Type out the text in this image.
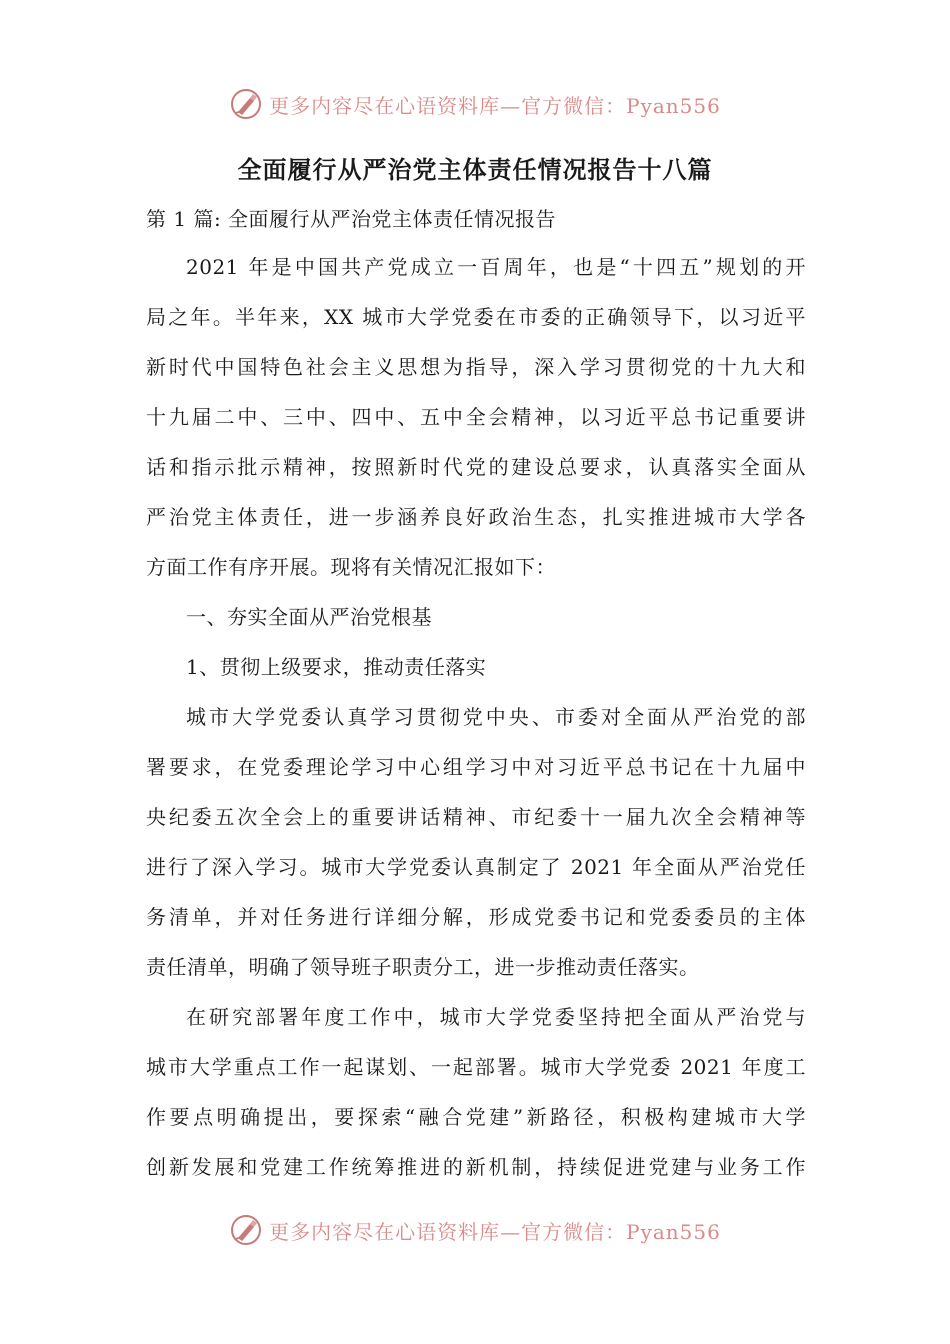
更多内容尽在心语资料库—官方微信：Pyan556
全面履行从严治党主体责任情况报告十八篇

第 1 篇: 全面履行从严治党主体责任情况报告

2021 年是中国共产党成立一百周年，也是“十四五”规划的开

局之年。半年来，XX 城市大学党委在市委的正确领导下，以习近平

新时代中国特色社会主义思想为指导，深入学习贯彻党的十九大和

十九届二中、三中、四中、五中全会精神，以习近平总书记重要讲

话和指示批示精神，按照新时代党的建设总要求，认真落实全面从

严治党主体责任，进一步涵养良好政治生态，扎实推进城市大学各

方面工作有序开展。现将有关情况汇报如下：

一、夯实全面从严治党根基

1、贯彻上级要求，推动责任落实

城市大学党委认真学习贯彻党中央、市委对全面从严治党的部

署要求，在党委理论学习中心组学习中对习近平总书记在十九届中

央纪委五次全会上的重要讲话精神、市纪委十一届九次全会精神等

进行了深入学习。城市大学党委认真制定了 2021 年全面从严治党任

务清单，并对任务进行详细分解，形成党委书记和党委委员的主体

责任清单，明确了领导班子职责分工，进一步推动责任落实。

在研究部署年度工作中，城市大学党委坚持把全面从严治党与

城市大学重点工作一起谋划、一起部署。城市大学党委 2021 年度工

作要点明确提出，要探索“融合党建”新路径，积极构建城市大学

创新发展和党建工作统筹推进的新机制，持续促进党建与业务工作

更多内容尽在心语资料库—官方微信：Pyan556
